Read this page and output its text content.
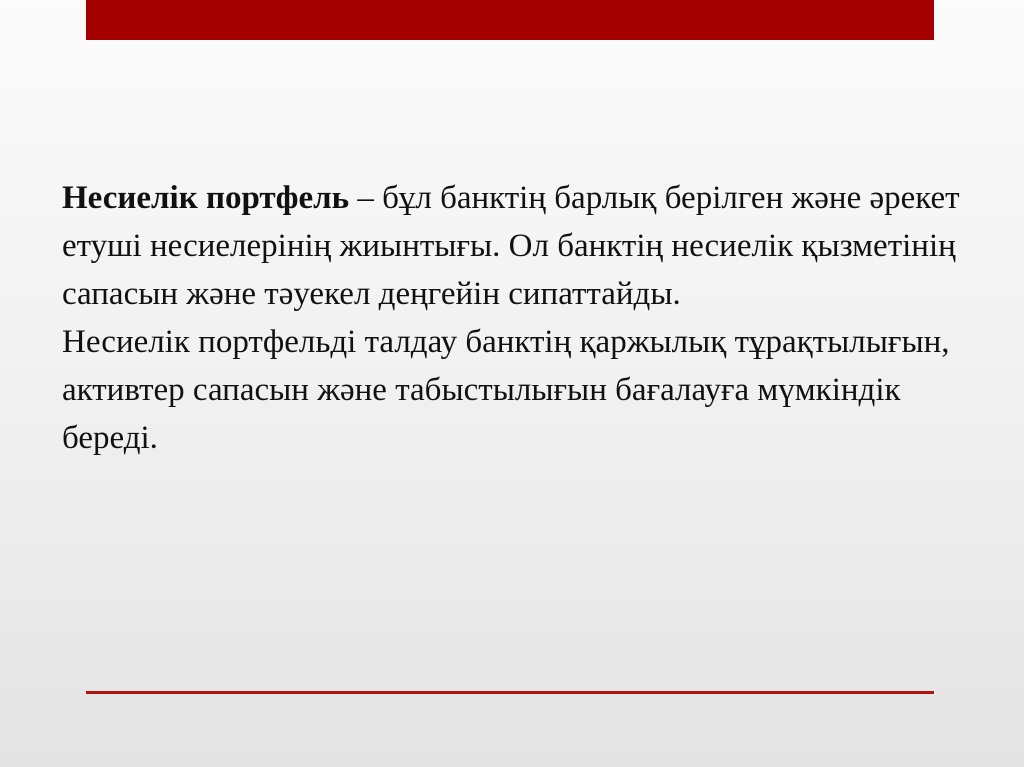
Несиелік портфель – бұл банктің барлық берілген және әрекет етуші несиелерінің жиынтығы. Ол банктің несиелік қызметінің сапасын және тәуекел деңгейін сипаттайды.

Несиелік портфельді талдау банктің қаржылық тұрақтылығын, активтер сапасын және табыстылығын бағалауға мүмкіндік береді.
